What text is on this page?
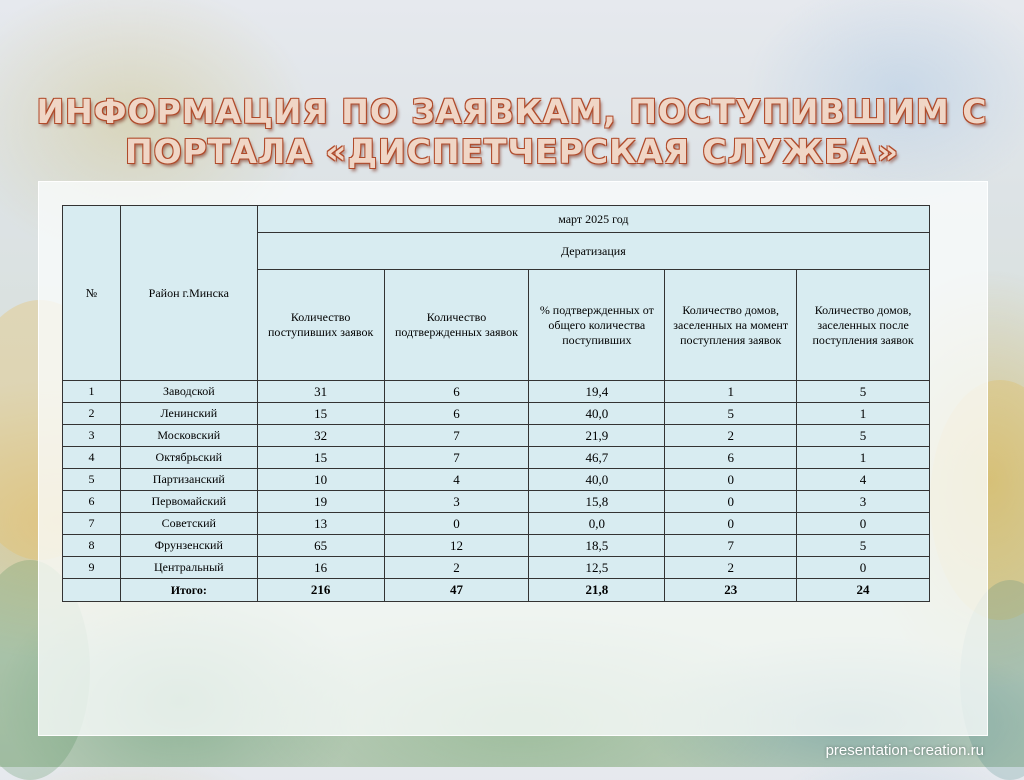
ИНФОРМАЦИЯ ПО ЗАЯВКАМ, ПОСТУПИВШИМ С
ПОРТАЛА «ДИСПЕТЧЕРСКАЯ СЛУЖБА»
№	Район г.Минска	март 2025 год				
		Дератизация				
		Количество поступивших заявок	Количество подтвержденных заявок	% подтвержденных от общего количества поступивших	Количество домов, заселенных на момент поступления заявок	Количество домов, заселенных после поступления заявок
1	Заводской	31	6	19,4	1	5
2	Ленинский	15	6	40,0	5	1
3	Московский	32	7	21,9	2	5
4	Октябрьский	15	7	46,7	6	1
5	Партизанский	10	4	40,0	0	4
6	Первомайский	19	3	15,8	0	3
7	Советский	13	0	0,0	0	0
8	Фрунзенский	65	12	18,5	7	5
9	Центральный	16	2	12,5	2	0
	Итого:	216	47	21,8	23	24
presentation-creation.ru
